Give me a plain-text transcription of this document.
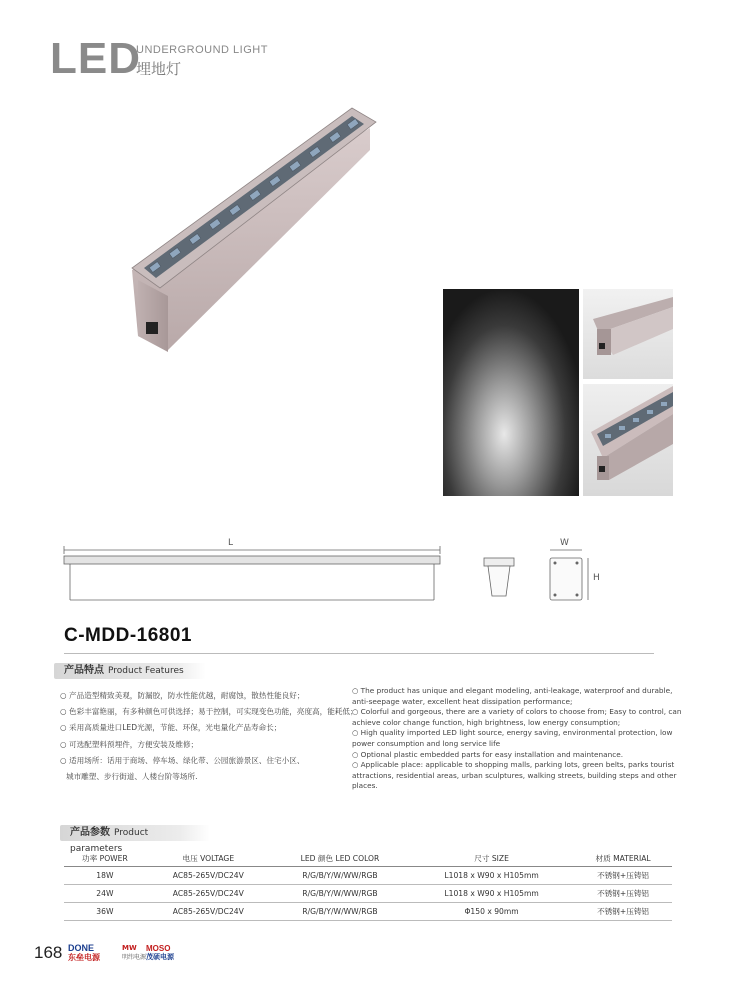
LED
UNDERGROUND LIGHT
埋地灯
L	W
H
C-MDD-16801
产品特点 Product Features
○ 产品造型精致美观，防漏胶，防水性能优越，耐腐蚀，散热性能良好；
○ 色彩丰富艳丽，有多种颜色可供选择；易于控制，可实现变色功能，亮度高，能耗低；
○ 采用高质量进口LED光源，节能、环保，光电量化产品寿命长；
○ 可选配塑料预埋件，方便安装及维修；
○ 适用场所：话用于商场、停车场、绿化带、公园旅游景区、住宅小区、
城市雕塑、步行街道、人楼台阶等场所.

○ The product has unique and elegant modeling, anti-leakage, waterproof and durable, anti-seepage water, excellent heat dissipation performance;

○ Colorful and gorgeous, there are a variety of colors to choose from; Easy to control, can achieve color change function, high brightness, low energy consumption;

○ High quality imported LED light source, energy saving, environmental protection, low power consumption and long service life

○ Optional plastic embedded parts for easy installation and maintenance.

○ Applicable place: applicable to shopping malls, parking lots, green belts, parks tourist attractions, residential areas, urban sculptures, walking streets, building steps and other places.

产品参数 Product parameters
功率 POWER	电压 VOLTAGE	LED 颜色 LED COLOR	尺寸 SIZE	材质 MATERIAL
18W	AC85-265V/DC24V	R/G/B/Y/W/WW/RGB	L1018 x W90 x H105mm	不锈钢+压铸铝
24W	AC85-265V/DC24V	R/G/B/Y/W/WW/RGB	L1018 x W90 x H105mm	不锈钢+压铸铝
36W	AC85-265V/DC24V	R/G/B/Y/W/WW/RGB	Φ150 x 90mm	不锈钢+压铸铝
168 DONE
东垒电源
MW
明纬电源
MOSO
茂硕电源
